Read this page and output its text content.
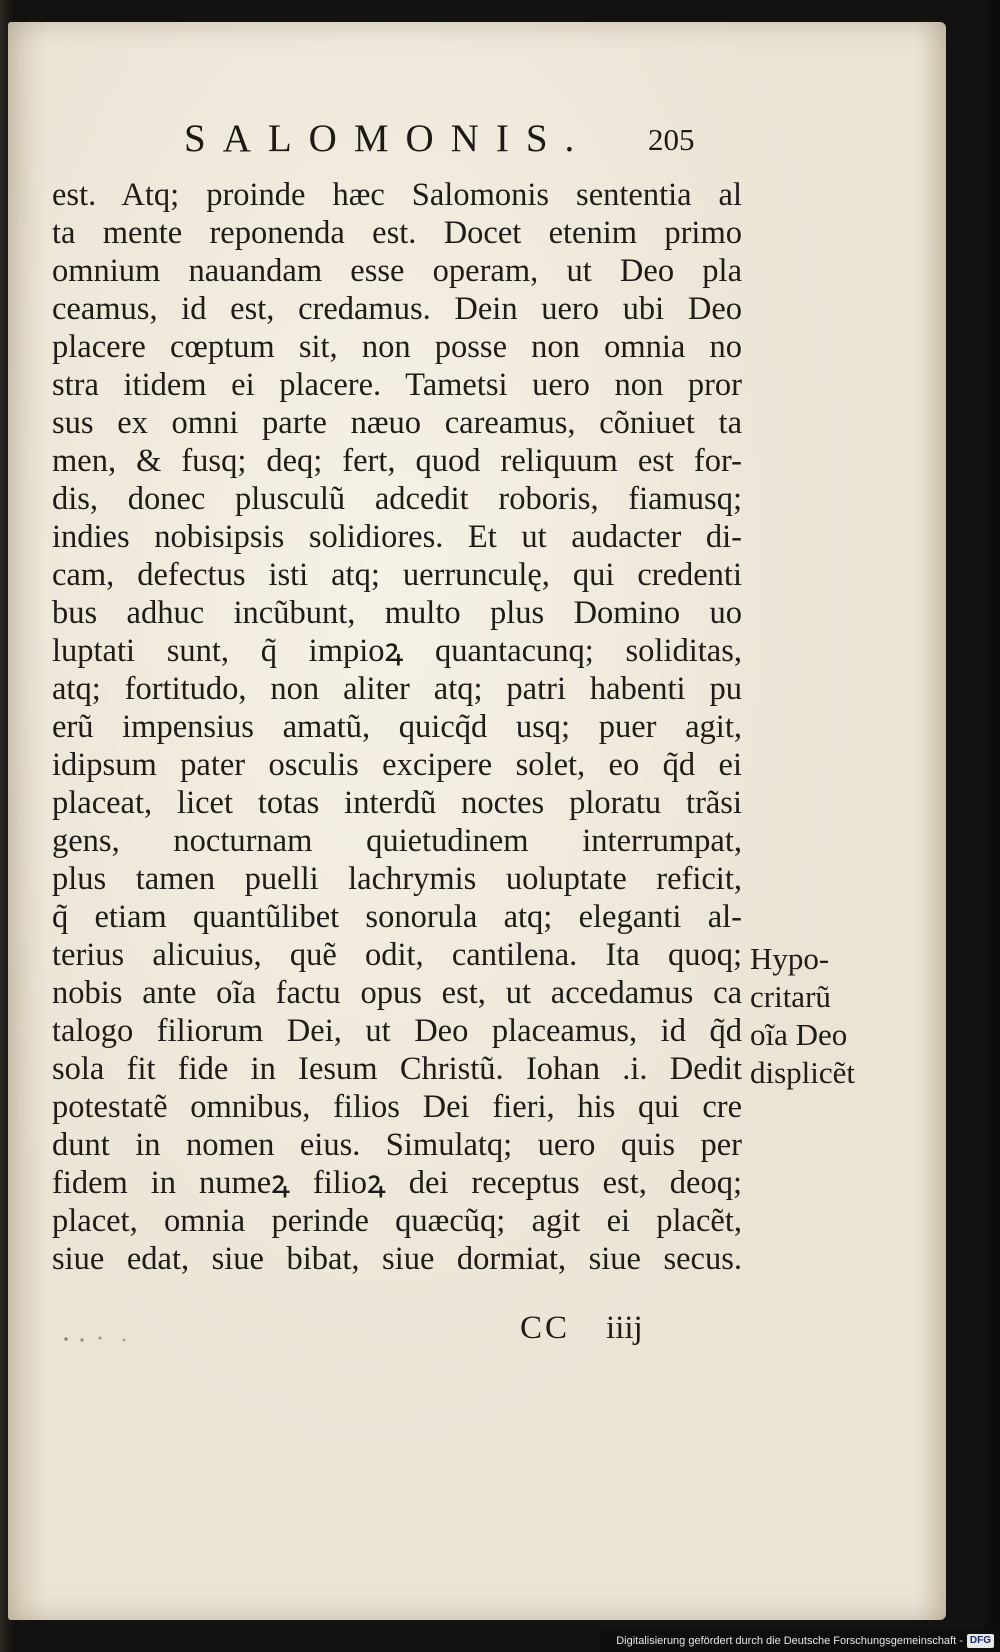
SALOMONIS. 205
est. Atq; proinde hæc Salomonis sententia al
ta mente reponenda est. Docet etenim primo
omnium nauandam esse operam, ut Deo pla
ceamus, id est, credamus. Dein uero ubi Deo
placere cœptum sit, non posse non omnia no
stra itidem ei placere. Tametsi uero non pror
sus ex omni parte næuo careamus, cõniuet ta
men, & fusq; deq; fert, quod reliquum est for-
dis, donec plusculũ adcedit roboris, fiamusq;
indies nobisipsis solidiores. Et ut audacter di-
cam, defectus isti atq; uerrunculę, qui credenti
bus adhuc incũbunt, multo plus Domino uo
luptati sunt, q̃ impioꝝ quantacunq; soliditas,
atq; fortitudo, non aliter atq; patri habenti pu
erũ impensius amatũ, quicq̃d usq; puer agit,
idipsum pater osculis excipere solet, eo q̃d ei
placeat, licet totas interdũ noctes ploratu trãsi
gens, nocturnam quietudinem interrumpat,
plus tamen puelli lachrymis uoluptate reficit,
q̃ etiam quantũlibet sonorula atq; eleganti al-
terius alicuius, quẽ odit, cantilena. Ita quoq;
nobis ante oĩa factu opus est, ut accedamus ca
talogo filiorum Dei, ut Deo placeamus, id q̃d
sola fit fide in Iesum Christũ. Iohan .i. Dedit
potestatẽ omnibus, filios Dei fieri, his qui cre
dunt in nomen eius. Simulatq; uero quis per
fidem in numeꝝ filioꝝ dei receptus est, deoq;
placet, omnia perinde quæcũq; agit ei placẽt,
siue edat, siue bibat, siue dormiat, siue secus.
Hypo-
critarũ
oĩa Deo
displicẽt
CC iiij
Digitalisierung gefördert durch die Deutsche Forschungsgemeinschaft - DFG
